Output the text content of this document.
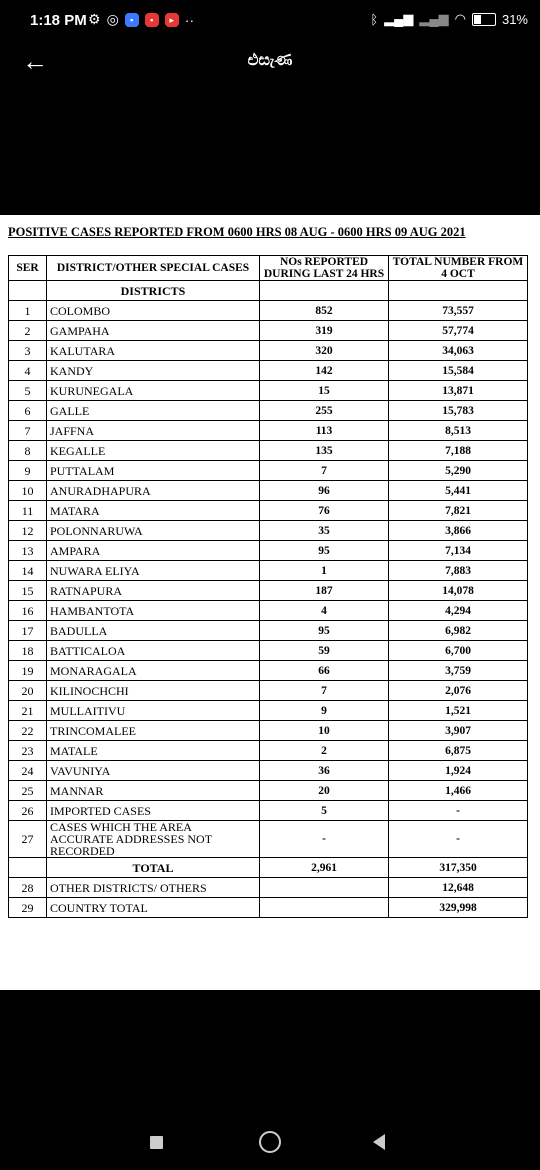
1:18 PM ⚙ ◎	▪	▪	▸ ··	ᛒ ▂▄▆ ▂▄▆ ◠	31%
←	එසැණ
POSITIVE CASES REPORTED FROM 0600 HRS 08 AUG - 0600 HRS 09 AUG 2021
SER	DISTRICT/OTHER SPECIAL CASES	NOs REPORTED DURING LAST 24 HRS	TOTAL NUMBER FROM 4 OCT
	DISTRICTS		
1	COLOMBO	852	73,557
2	GAMPAHA	319	57,774
3	KALUTARA	320	34,063
4	KANDY	142	15,584
5	KURUNEGALA	15	13,871
6	GALLE	255	15,783
7	JAFFNA	113	8,513
8	KEGALLE	135	7,188
9	PUTTALAM	7	5,290
10	ANURADHAPURA	96	5,441
11	MATARA	76	7,821
12	POLONNARUWA	35	3,866
13	AMPARA	95	7,134
14	NUWARA ELIYA	1	7,883
15	RATNAPURA	187	14,078
16	HAMBANTOTA	4	4,294
17	BADULLA	95	6,982
18	BATTICALOA	59	6,700
19	MONARAGALA	66	3,759
20	KILINOCHCHI	7	2,076
21	MULLAITIVU	9	1,521
22	TRINCOMALEE	10	3,907
23	MATALE	2	6,875
24	VAVUNIYA	36	1,924
25	MANNAR	20	1,466
26	IMPORTED CASES	5	-
27	CASES WHICH THE AREA ACCURATE ADDRESSES NOT RECORDED	-	-
	TOTAL	2,961	317,350
28	OTHER DISTRICTS/ OTHERS		12,648
29	COUNTRY TOTAL		329,998
